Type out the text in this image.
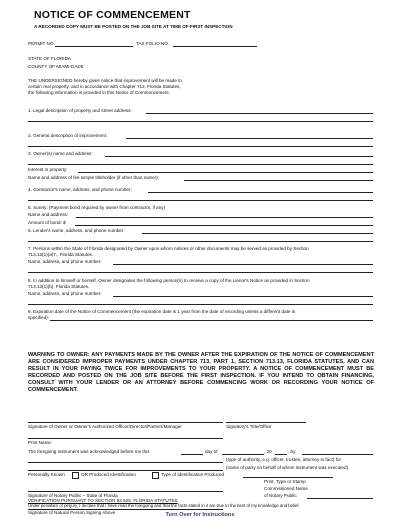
NOTICE OF COMMENCEMENT
A RECORDED COPY MUST BE POSTED ON THE JOB SITE AT TIME OF FIRST INSPECTION
PERMIT NO.	TAX FOLIO NO.
STATE OF FLORIDA
COUNTY OF MIAMI-DADE
THE UNDERSIGNED hereby gives notice that improvement will be made to
certain real property, and in accordance with Chapter 713, Florida Statutes,
the following information is provided in this Notice of Commencement.
1. Legal description of property and street address:
2. General description of improvement:
3. Owner(s) name and address:
Interest in property:
Name and address of fee simple titleholder (if other than owner):
4. Contractor's name, address, and phone number:
5. Surety: (Payment bond required by owner from contractor, if any)
Name and address:
Amount of bond: $
6. Lender's name, address, and phone number:
7. Persons within the State of Florida designated by Owner upon whom notices or other documents may be served as provided by Section
713.13(1)(a)7., Florida Statutes.
Name, address, and phone number:
8. In addition to himself or herself, Owner designates the following person(s) to receive a copy of the Lienor's Notice as provided in Section
713.13(1)(b), Florida Statutes.
Name, address, and phone number:
9. Expiration date of the Notice of Commencement (the expiration date is 1 year from the date of recording unless a different date is
specified):
WARNING TO OWNER: ANY PAYMENTS MADE BY THE OWNER AFTER THE EXPIRATION OF THE NOTICE OF COMMENCEMENT ARE CONSIDERED IMPROPER PAYMENTS UNDER CHAPTER 713, PART 1, SECTION 713.13, FLORIDA STATUTES, AND CAN RESULT IN YOUR PAYING TWICE FOR IMPROVEMENTS TO YOUR PROPERTY. A NOTICE OF COMMENCEMENT MUST BE RECORDED AND POSTED ON THE JOB SITE BEFORE THE FIRST INSPECTION. IF YOU INTEND TO OBTAIN FINANCING, CONSULT WITH YOUR LENDER OR AN ATTORNEY BEFORE COMMENCING WORK OR RECORDING YOUR NOTICE OF COMMENCEMENT.
Signature of Owner or Owner's Authorized Officer/Director/Partner/Manager	Signatory's Title/Office
Print Name
The foregoing instrument was acknowledged before me this	day of	, 20	, by
(type of authority, e.g. officer, trustee, attorney in fact) for
(name of party on behalf of whom instrument was executed).
Personally Known	OR Produced Identification	Type of Identification Produced
Signature of Notary Public – State of Florida
Print, Type or Stamp
Commissioned Name
of Notary Public:
VERIFICATION PURSUANT TO SECTION 92.525, FLORIDA STATUTES
Under penalties of perjury, I declare that I have read the foregoing and that the facts stated in it are true to the best of my knowledge and belief.
Signature of Natural Person Signing Above	Turn Over for Instructions
